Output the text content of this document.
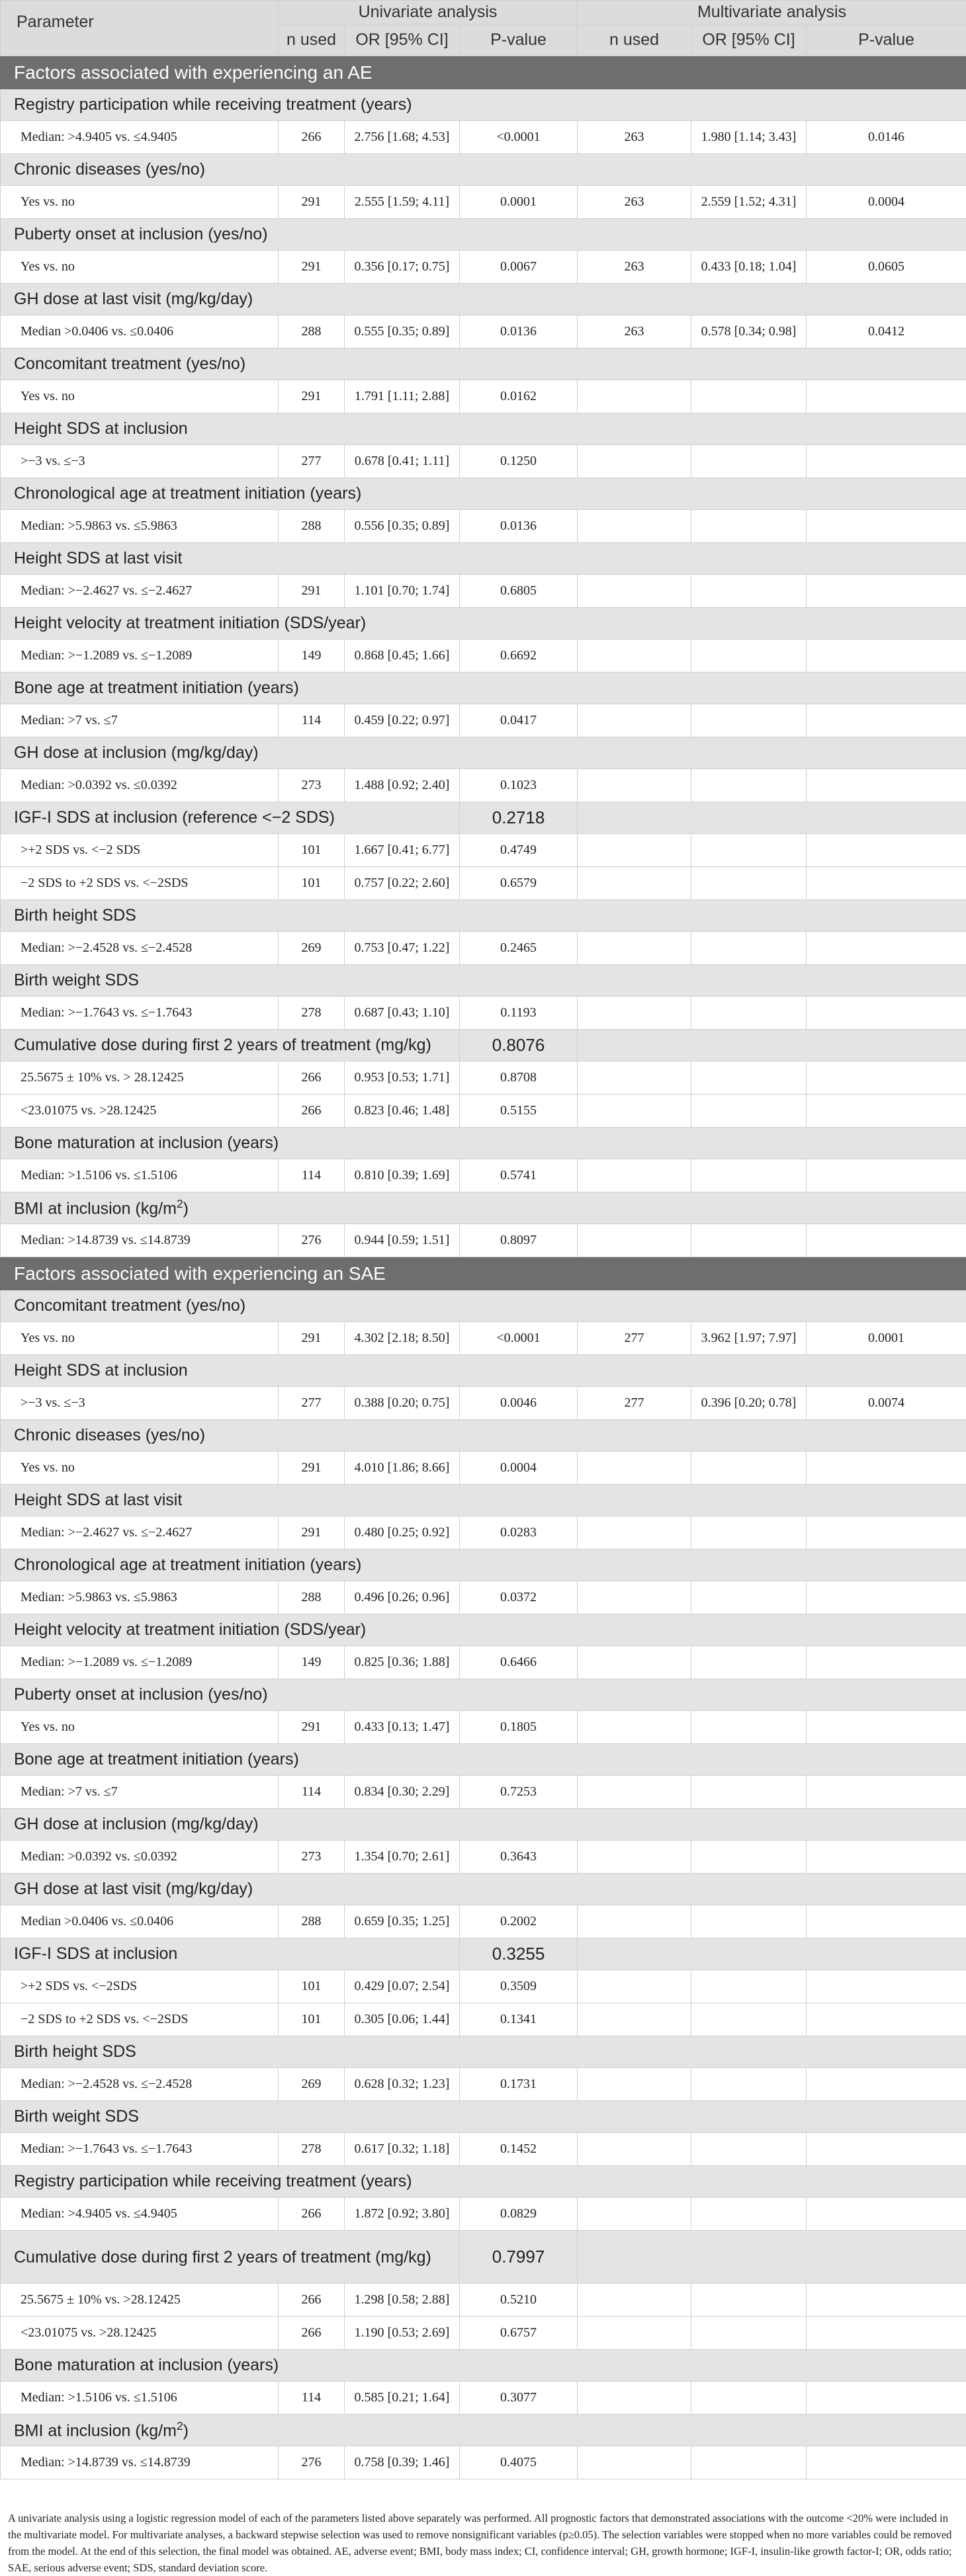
Parameter	Univariate analysis			Multivariate analysis		
	n used	OR [95% CI]	P-value	n used	OR [95% CI]	P-value
Factors associated with experiencing an AE						
Registry participation while receiving treatment (years)						
Median: >4.9405 vs. ≤4.9405	266	2.756 [1.68; 4.53]	<0.0001	263	1.980 [1.14; 3.43]	0.0146
Chronic diseases (yes/no)						
Yes vs. no	291	2.555 [1.59; 4.11]	0.0001	263	2.559 [1.52; 4.31]	0.0004
Puberty onset at inclusion (yes/no)						
Yes vs. no	291	0.356 [0.17; 0.75]	0.0067	263	0.433 [0.18; 1.04]	0.0605
GH dose at last visit (mg/kg/day)						
Median >0.0406 vs. ≤0.0406	288	0.555 [0.35; 0.89]	0.0136	263	0.578 [0.34; 0.98]	0.0412
Concomitant treatment (yes/no)						
Yes vs. no	291	1.791 [1.11; 2.88]	0.0162			
Height SDS at inclusion						
>−3 vs. ≤−3	277	0.678 [0.41; 1.11]	0.1250			
Chronological age at treatment initiation (years)						
Median: >5.9863 vs. ≤5.9863	288	0.556 [0.35; 0.89]	0.0136			
Height SDS at last visit						
Median: >−2.4627 vs. ≤−2.4627	291	1.101 [0.70; 1.74]	0.6805			
Height velocity at treatment initiation (SDS/year)						
Median: >−1.2089 vs. ≤−1.2089	149	0.868 [0.45; 1.66]	0.6692			
Bone age at treatment initiation (years)						
Median: >7 vs. ≤7	114	0.459 [0.22; 0.97]	0.0417			
GH dose at inclusion (mg/kg/day)						
Median: >0.0392 vs. ≤0.0392	273	1.488 [0.92; 2.40]	0.1023			
IGF-I SDS at inclusion (reference <−2 SDS)			0.2718			
>+2 SDS vs. <−2 SDS	101	1.667 [0.41; 6.77]	0.4749			
−2 SDS to +2 SDS vs. <−2SDS	101	0.757 [0.22; 2.60]	0.6579			
Birth height SDS						
Median: >−2.4528 vs. ≤−2.4528	269	0.753 [0.47; 1.22]	0.2465			
Birth weight SDS						
Median: >−1.7643 vs. ≤−1.7643	278	0.687 [0.43; 1.10]	0.1193			
Cumulative dose during first 2 years of treatment (mg/kg)			0.8076			
25.5675 ± 10% vs. > 28.12425	266	0.953 [0.53; 1.71]	0.8708			
<23.01075 vs. >28.12425	266	0.823 [0.46; 1.48]	0.5155			
Bone maturation at inclusion (years)						
Median: >1.5106 vs. ≤1.5106	114	0.810 [0.39; 1.69]	0.5741			
BMI at inclusion $(kg/m^2)$						
Median: >14.8739 vs. ≤14.8739	276	0.944 [0.59; 1.51]	0.8097			
Factors associated with experiencing an SAE						
Concomitant treatment (yes/no)						
Yes vs. no	291	4.302 [2.18; 8.50]	<0.0001	277	3.962 [1.97; 7.97]	0.0001
Height SDS at inclusion						
>−3 vs. ≤−3	277	0.388 [0.20; 0.75]	0.0046	277	0.396 [0.20; 0.78]	0.0074
Chronic diseases (yes/no)						
Yes vs. no	291	4.010 [1.86; 8.66]	0.0004			
Height SDS at last visit						
Median: >−2.4627 vs. ≤−2.4627	291	0.480 [0.25; 0.92]	0.0283			
Chronological age at treatment initiation (years)						
Median: >5.9863 vs. ≤5.9863	288	0.496 [0.26; 0.96]	0.0372			
Height velocity at treatment initiation (SDS/year)						
Median: >−1.2089 vs. ≤−1.2089	149	0.825 [0.36; 1.88]	0.6466			
Puberty onset at inclusion (yes/no)						
Yes vs. no	291	0.433 [0.13; 1.47]	0.1805			
Bone age at treatment initiation (years)						
Median: >7 vs. ≤7	114	0.834 [0.30; 2.29]	0.7253			
GH dose at inclusion (mg/kg/day)						
Median: >0.0392 vs. ≤0.0392	273	1.354 [0.70; 2.61]	0.3643			
GH dose at last visit (mg/kg/day)						
Median >0.0406 vs. ≤0.0406	288	0.659 [0.35; 1.25]	0.2002			
IGF-I SDS at inclusion			0.3255			
>+2 SDS vs. <−2SDS	101	0.429 [0.07; 2.54]	0.3509			
−2 SDS to +2 SDS vs. <−2SDS	101	0.305 [0.06; 1.44]	0.1341			
Birth height SDS						
Median: >−2.4528 vs. ≤−2.4528	269	0.628 [0.32; 1.23]	0.1731			
Birth weight SDS						
Median: >−1.7643 vs. ≤−1.7643	278	0.617 [0.32; 1.18]	0.1452			
Registry participation while receiving treatment (years)						
Median: >4.9405 vs. ≤4.9405	266	1.872 [0.92; 3.80]	0.0829			
Cumulative dose during first 2 years of treatment (mg/kg)			0.7997			
25.5675 ± 10% vs. >28.12425	266	1.298 [0.58; 2.88]	0.5210			
<23.01075 vs. >28.12425	266	1.190 [0.53; 2.69]	0.6757			
Bone maturation at inclusion (years)						
Median: >1.5106 vs. ≤1.5106	114	0.585 [0.21; 1.64]	0.3077			
BMI at inclusion $(kg/m^2)$						
Median: >14.8739 vs. ≤14.8739	276	0.758 [0.39; 1.46]	0.4075			
A univariate analysis using a logistic regression model of each of the parameters listed above separately was performed. All prognostic factors that demonstrated associations with the outcome <20% were included in the multivariate model. For multivariate analyses, a backward stepwise selection was used to remove nonsignificant variables (p≥0.05). The selection variables were stopped when no more variables could be removed from the model. At the end of this selection, the final model was obtained. AE, adverse event; BMI, body mass index; CI, confidence interval; GH, growth hormone; IGF-I, insulin-like growth factor-I; OR, odds ratio; SAE, serious adverse event; SDS, standard deviation score.
